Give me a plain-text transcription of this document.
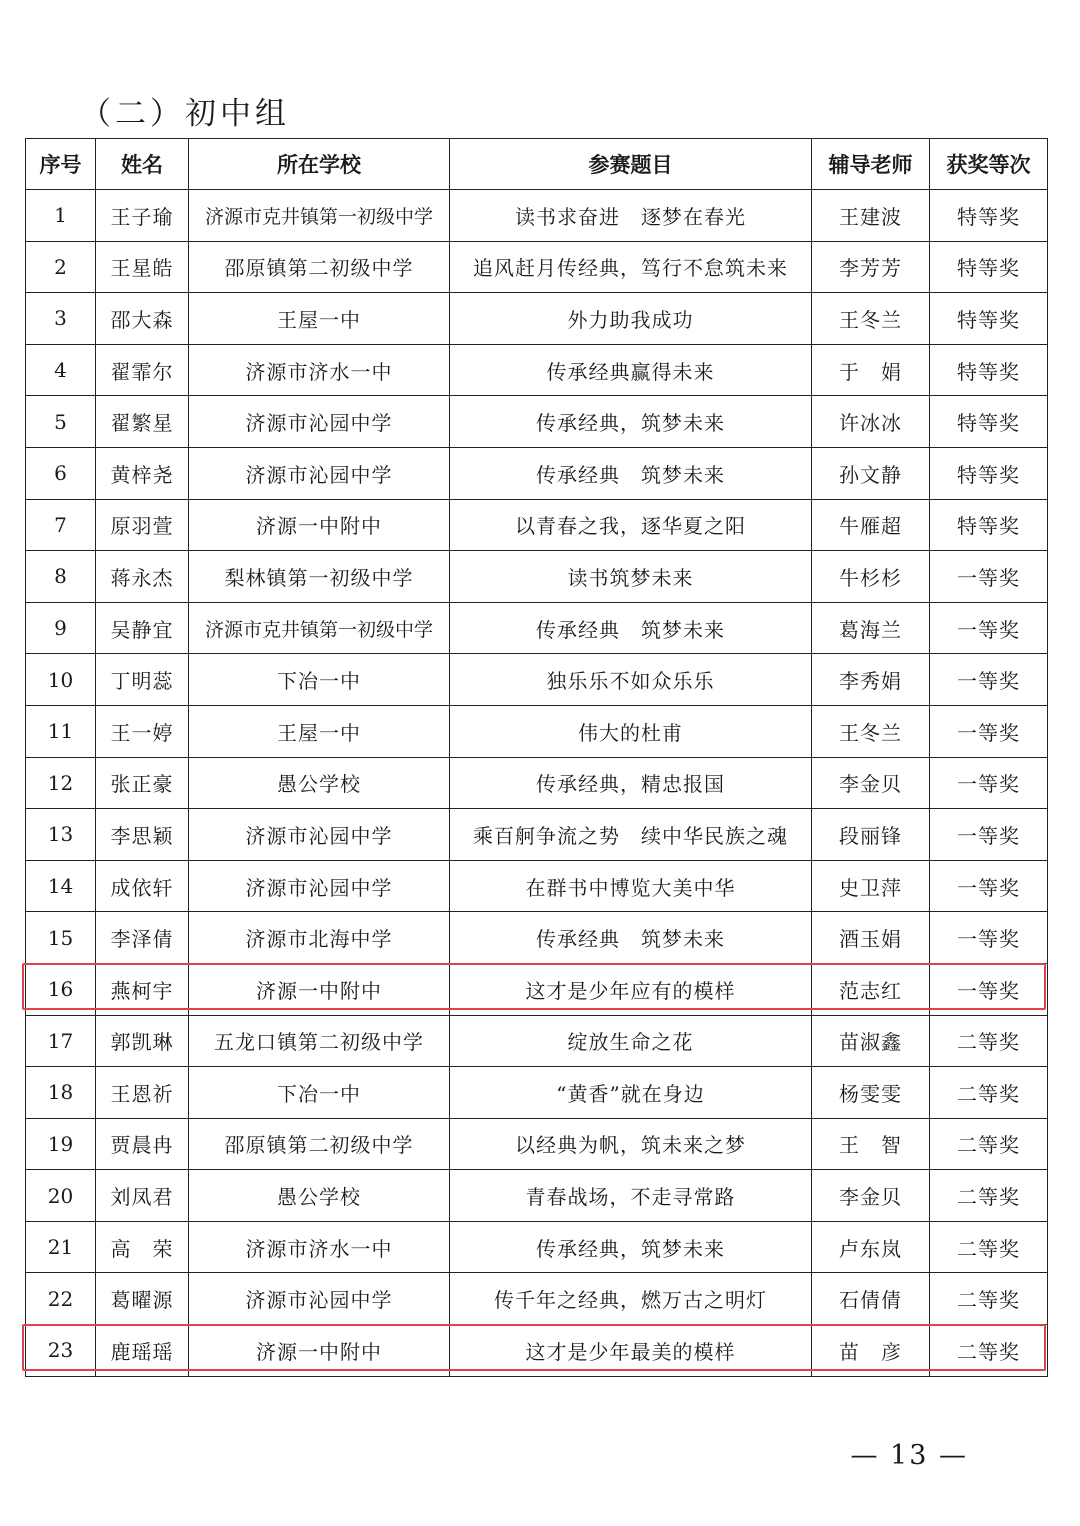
（二）初中组
序号	姓名	所在学校	参赛题目	辅导老师	获奖等次
1	王子瑜	济源市克井镇第一初级中学	读书求奋进　逐梦在春光	王建波	特等奖
2	王星皓	邵原镇第二初级中学	追风赶月传经典，笃行不怠筑未来	李芳芳	特等奖
3	邵大森	王屋一中	外力助我成功	王冬兰	特等奖
4	翟霏尔	济源市济水一中	传承经典赢得未来	于　娟	特等奖
5	翟繁星	济源市沁园中学	传承经典，筑梦未来	许冰冰	特等奖
6	黄梓尧	济源市沁园中学	传承经典　筑梦未来	孙文静	特等奖
7	原羽萱	济源一中附中	以青春之我，逐华夏之阳	牛雁超	特等奖
8	蒋永杰	梨林镇第一初级中学	读书筑梦未来	牛杉杉	一等奖
9	吴静宜	济源市克井镇第一初级中学	传承经典　筑梦未来	葛海兰	一等奖
10	丁明蕊	下冶一中	独乐乐不如众乐乐	李秀娟	一等奖
11	王一婷	王屋一中	伟大的杜甫	王冬兰	一等奖
12	张正豪	愚公学校	传承经典，精忠报国	李金贝	一等奖
13	李思颖	济源市沁园中学	乘百舸争流之势　续中华民族之魂	段丽锋	一等奖
14	成依轩	济源市沁园中学	在群书中博览大美中华	史卫萍	一等奖
15	李泽倩	济源市北海中学	传承经典　筑梦未来	酒玉娟	一等奖
16	燕柯宇	济源一中附中	这才是少年应有的模样	范志红	一等奖
17	郭凯琳	五龙口镇第二初级中学	绽放生命之花	苗淑鑫	二等奖
18	王恩祈	下冶一中	“黄香”就在身边	杨雯雯	二等奖
19	贾晨冉	邵原镇第二初级中学	以经典为帆，筑未来之梦	王　智	二等奖
20	刘凤君	愚公学校	青春战场，不走寻常路	李金贝	二等奖
21	高　荣	济源市济水一中	传承经典，筑梦未来	卢东岚	二等奖
22	葛曜源	济源市沁园中学	传千年之经典，燃万古之明灯	石倩倩	二等奖
23	鹿瑶瑶	济源一中附中	这才是少年最美的模样	苗　彦	二等奖
— 13 —
